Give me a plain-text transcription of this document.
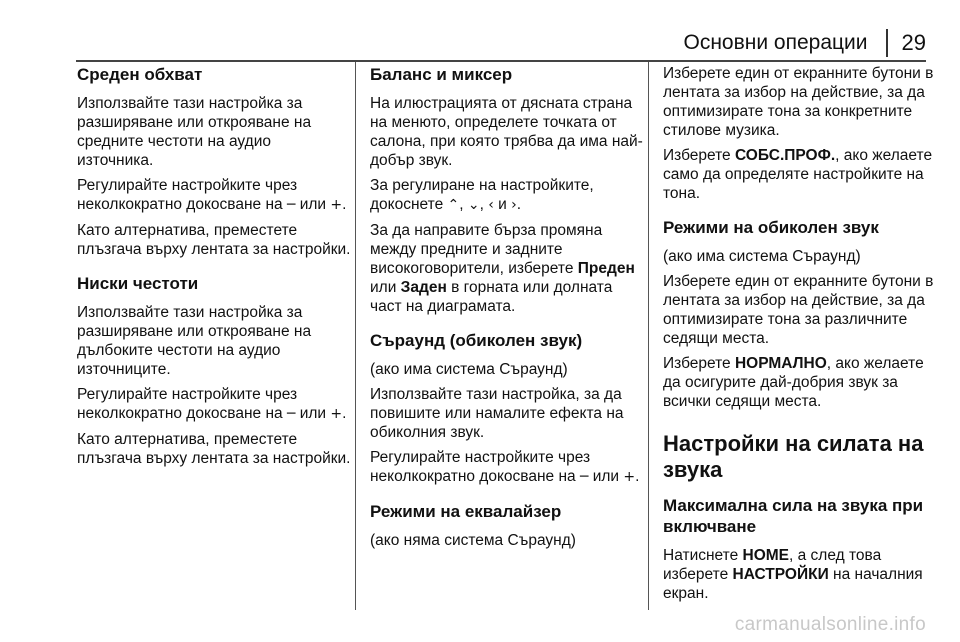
Основни операции 29
Среден обхват

Използвайте тази настройка за разширяване или открояване на средните честоти на аудио източника.

Регулирайте настройките чрез неколкократно докосване на ─ или +.

Като алтернатива, преместете плъзгача върху лентата за настройки.

Ниски честоти

Използвайте тази настройка за разширяване или открояване на дълбоките честоти на аудио източниците.

Регулирайте настройките чрез неколкократно докосване на ─ или +.

Като алтернатива, преместете плъзгача върху лентата за настройки.

Баланс и миксер

На илюстрацията от дясната страна на менюто, определете точката от салона, при която трябва да има най-добър звук.

За регулиране на настройките, докоснете ⌃, ⌄, ‹ и ›.

За да направите бърза промяна между предните и задните високоговорители, изберете Преден или Заден в горната или долната част на диаграмата.

Съраунд (обиколен звук)

(ако има система Съраунд)

Използвайте тази настройка, за да повишите или намалите ефекта на обиколния звук.

Регулирайте настройките чрез неколкократно докосване на ─ или +.

Режими на еквалайзер

(ако няма система Съраунд)

Изберете един от екранните бутони в лентата за избор на действие, за да оптимизирате тона за конкретните стилове музика.

Изберете СОБС.ПРОФ., ако желаете само да определяте настройките на тона.

Режими на обиколен звук

(ако има система Съраунд)

Изберете един от екранните бутони в лентата за избор на действие, за да оптимизирате тона за различните седящи места.

Изберете НОРМАЛНО, ако желаете да осигурите дай-добрия звук за всички седящи места.

Настройки на силата на звука
Максимална сила на звука при включване

Натиснете HOME, а след това изберете НАСТРОЙКИ на началния екран.

carmanualsonline.info
